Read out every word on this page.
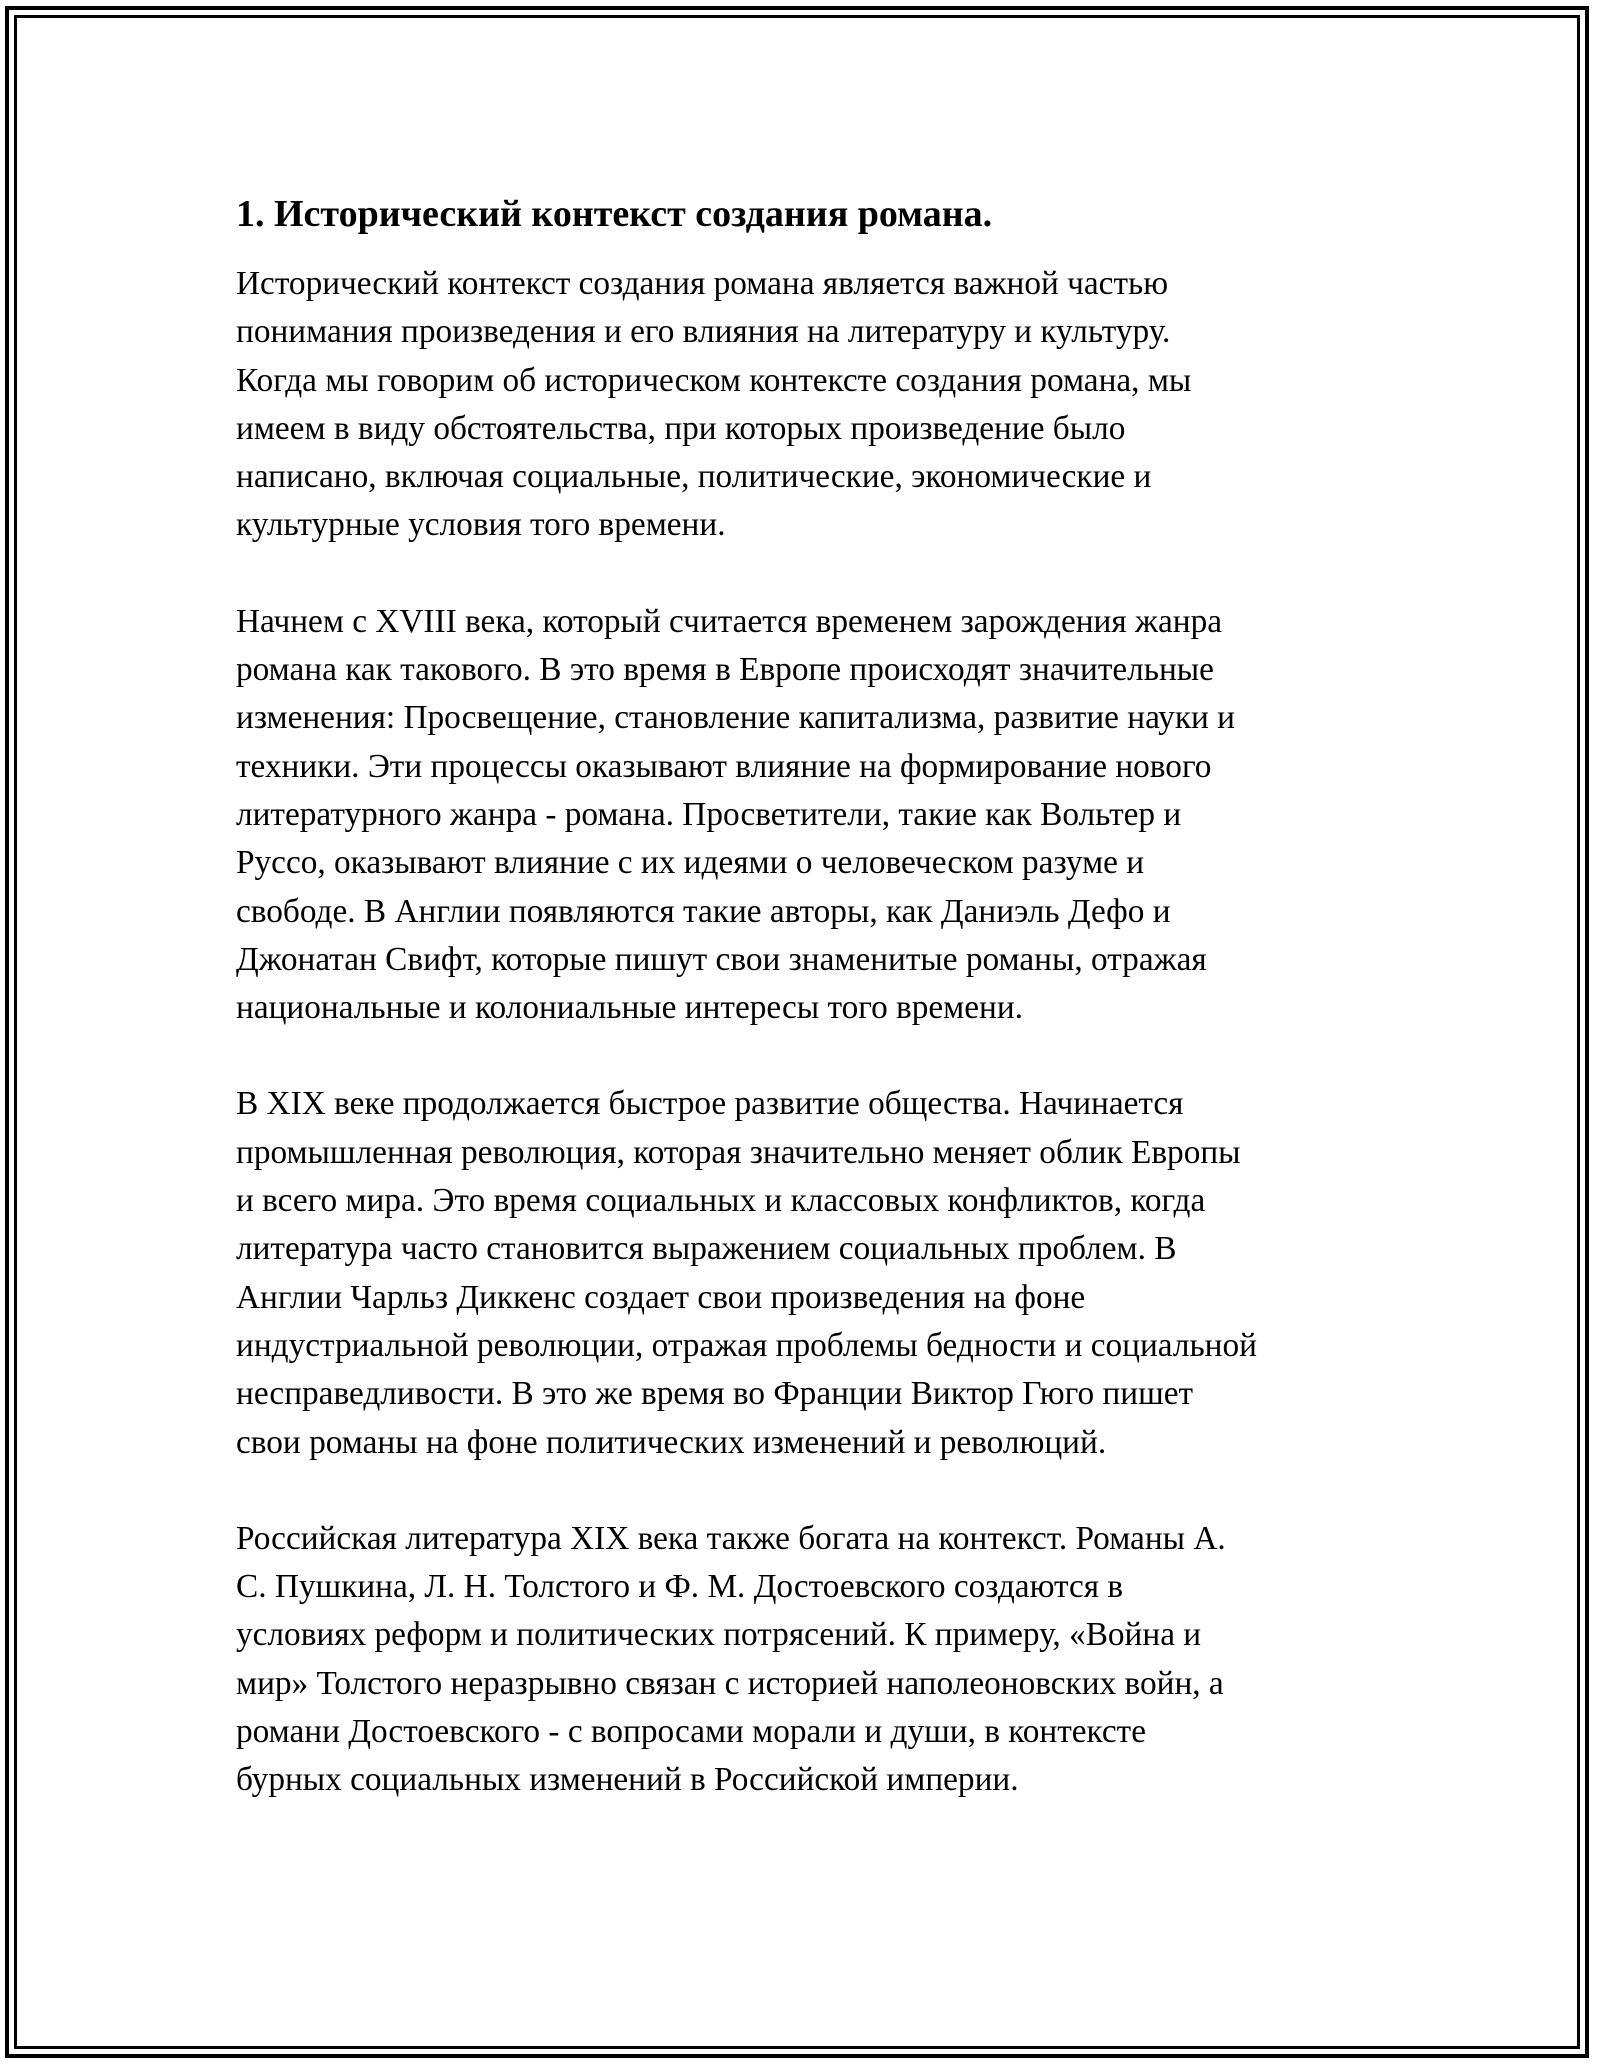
1. Исторический контекст создания романа.

Исторический контекст создания романа является важной частью
понимания произведения и его влияния на литературу и культуру.
Когда мы говорим об историческом контексте создания романа, мы
имеем в виду обстоятельства, при которых произведение было
написано, включая социальные, политические, экономические и
культурные условия того времени.

Начнем с XVIII века, который считается временем зарождения жанра
романа как такового. В это время в Европе происходят значительные
изменения: Просвещение, становление капитализма, развитие науки и
техники. Эти процессы оказывают влияние на формирование нового
литературного жанра - романа. Просветители, такие как Вольтер и
Руссо, оказывают влияние с их идеями о человеческом разуме и
свободе. В Англии появляются такие авторы, как Даниэль Дефо и
Джонатан Свифт, которые пишут свои знаменитые романы, отражая
национальные и колониальные интересы того времени.

В XIX веке продолжается быстрое развитие общества. Начинается
промышленная революция, которая значительно меняет облик Европы
и всего мира. Это время социальных и классовых конфликтов, когда
литература часто становится выражением социальных проблем. В
Англии Чарльз Диккенс создает свои произведения на фоне
индустриальной революции, отражая проблемы бедности и социальной
несправедливости. В это же время во Франции Виктор Гюго пишет
свои романы на фоне политических изменений и революций.

Российская литература XIX века также богата на контекст. Романы А.
С. Пушкина, Л. Н. Толстого и Ф. М. Достоевского создаются в
условиях реформ и политических потрясений. К примеру, «Война и
мир» Толстого неразрывно связан с историей наполеоновских войн, а
романи Достоевского - с вопросами морали и души, в контексте
бурных социальных изменений в Российской империи.
